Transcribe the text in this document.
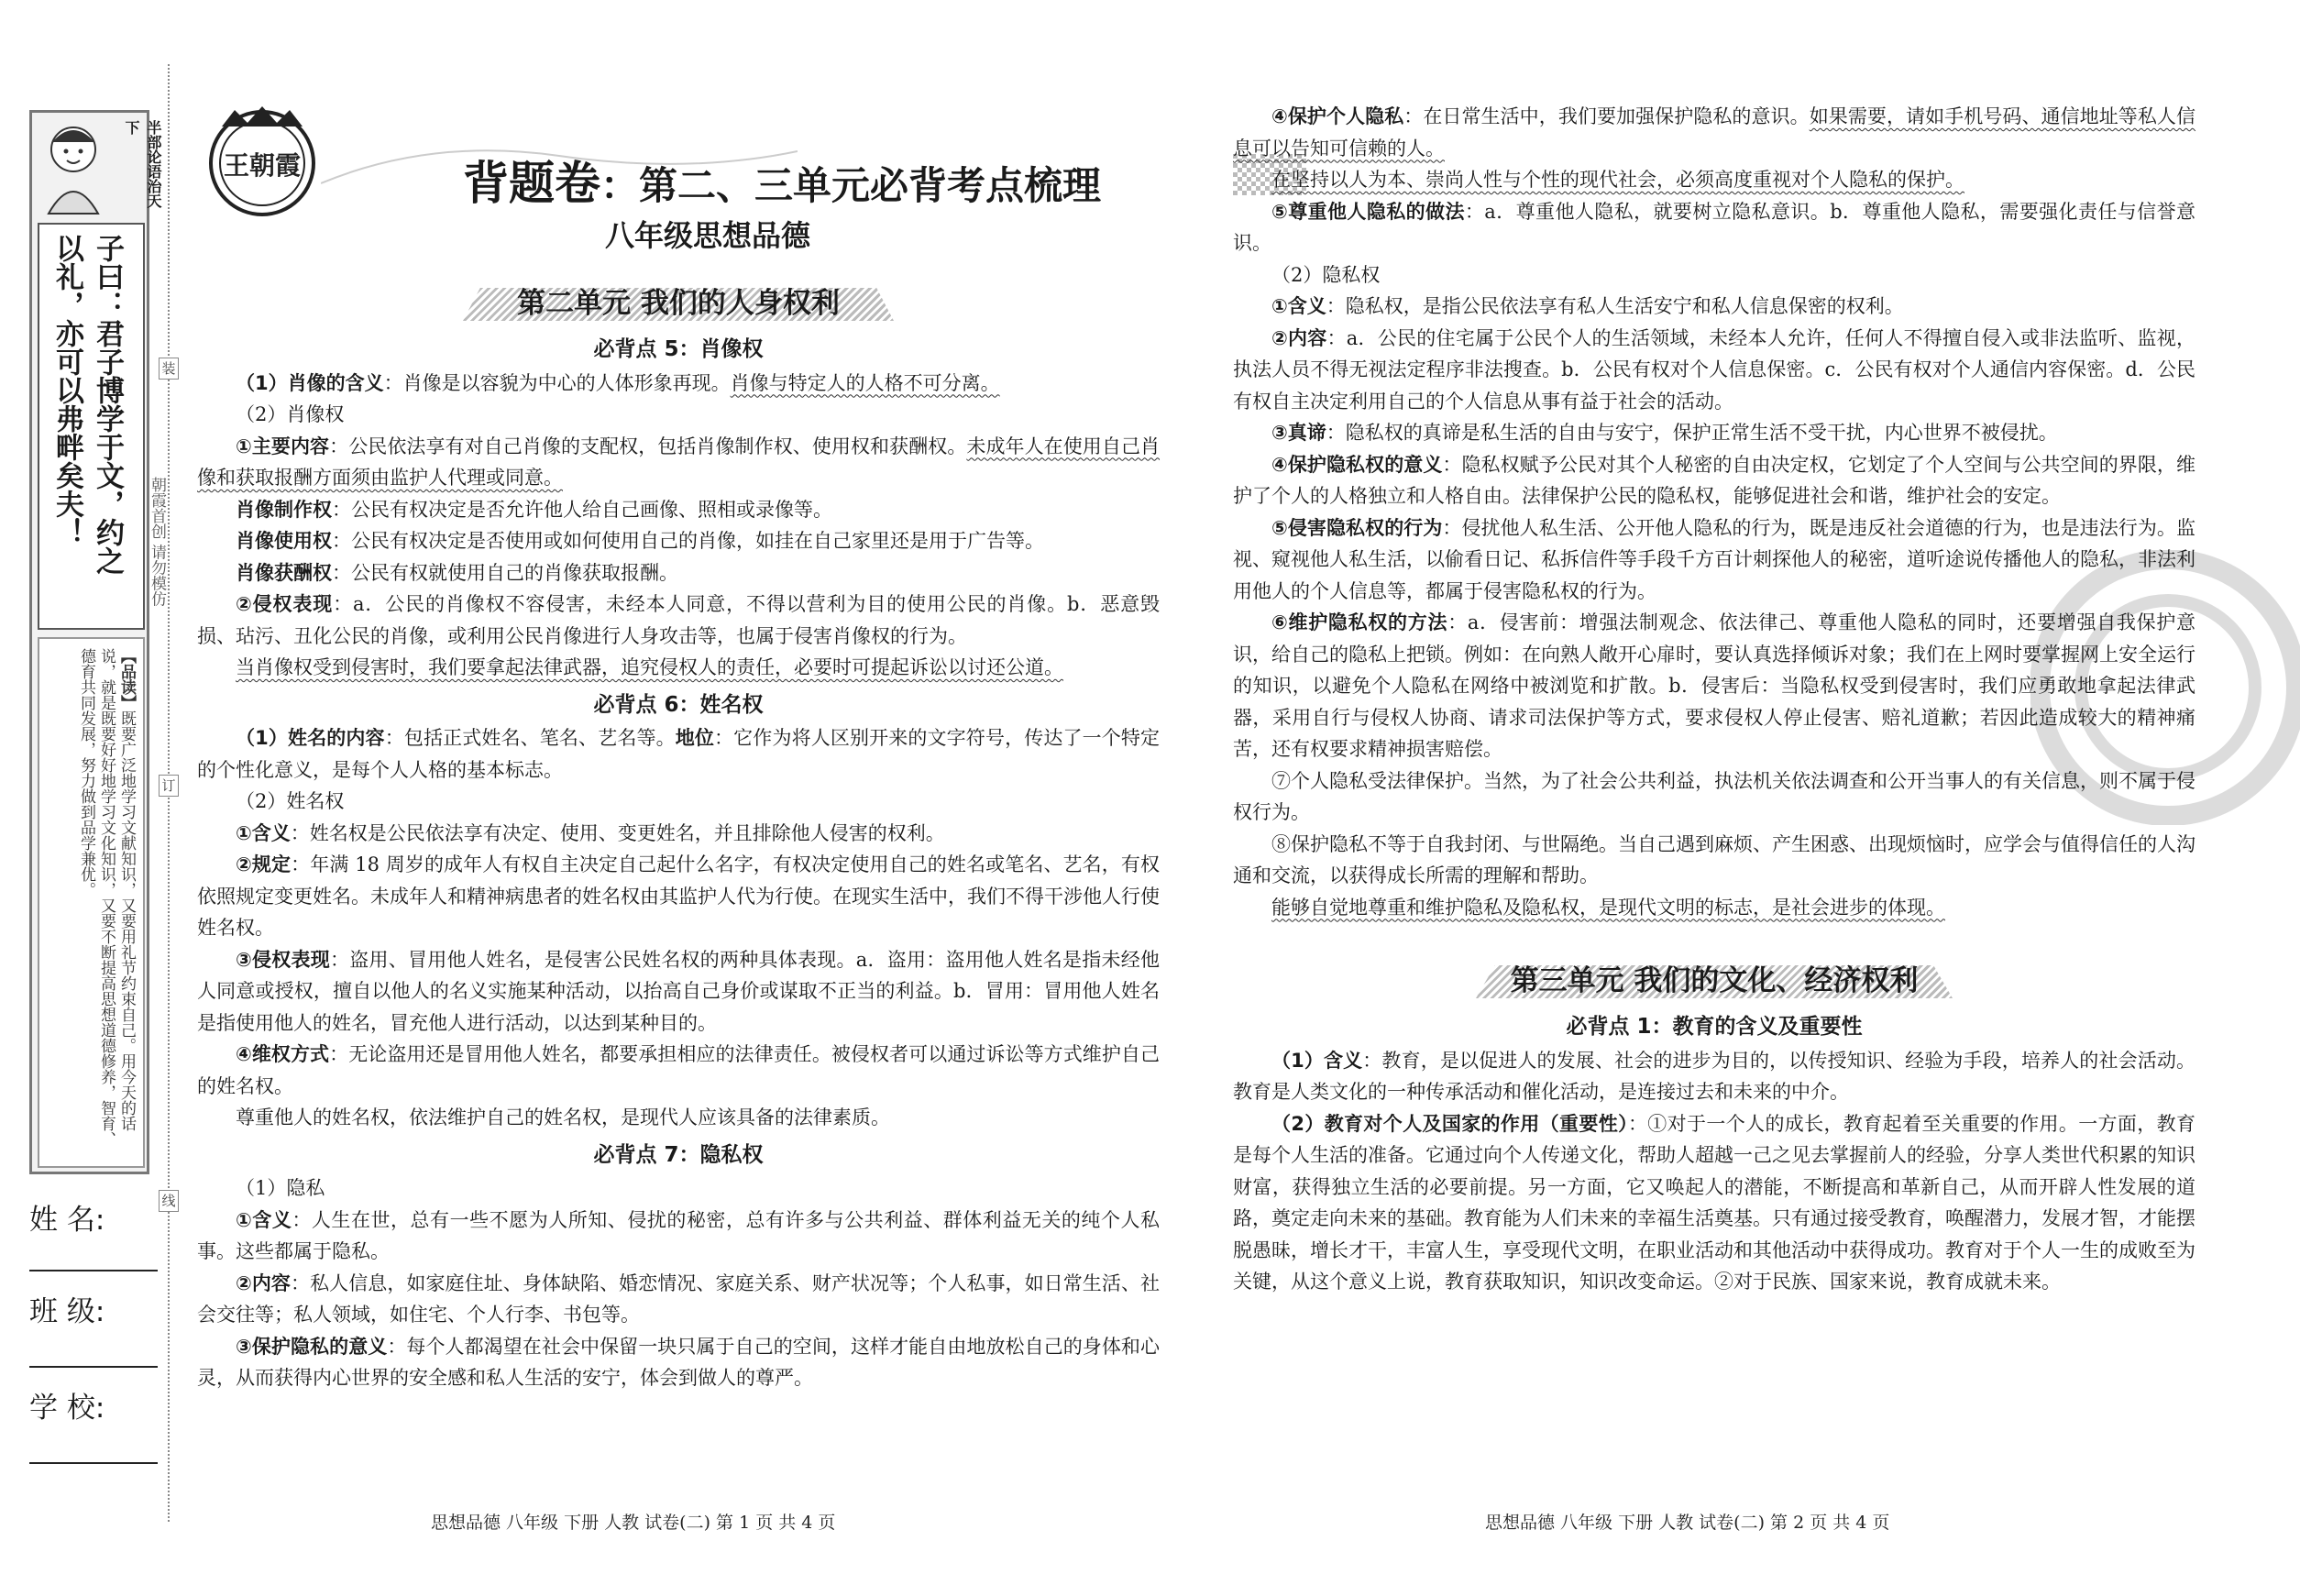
半部论语治天下
子曰：君子博学于文，约之
以礼，亦可以弗畔矣夫！
【品读】既要广泛地学习文献知识，又要用礼节约束自己。用今天的话说，就是既要好好地学习文化知识，又要不断提高思想道德修养，智育、德育共同发展，努力做到品学兼优。
姓 名:
班 级:
学 校:
装
订
线
朝霞首创 请勿模仿
王朝霞	背题卷：第二、三单元必背考点梳理
八年级思想品德
第二单元 我们的人身权利
必背点 5：肖像权

（1）肖像的含义：肖像是以容貌为中心的人体形象再现。肖像与特定人的人格不可分离。

（2）肖像权

①主要内容：公民依法享有对自己肖像的支配权，包括肖像制作权、使用权和获酬权。未成年人在使用自己肖像和获取报酬方面须由监护人代理或同意。

肖像制作权：公民有权决定是否允许他人给自己画像、照相或录像等。

肖像使用权：公民有权决定是否使用或如何使用自己的肖像，如挂在自己家里还是用于广告等。

肖像获酬权：公民有权就使用自己的肖像获取报酬。

②侵权表现：a．公民的肖像权不容侵害，未经本人同意，不得以营利为目的使用公民的肖像。b．恶意毁损、玷污、丑化公民的肖像，或利用公民肖像进行人身攻击等，也属于侵害肖像权的行为。

当肖像权受到侵害时，我们要拿起法律武器，追究侵权人的责任，必要时可提起诉讼以讨还公道。

必背点 6：姓名权

（1）姓名的内容：包括正式姓名、笔名、艺名等。地位：它作为将人区别开来的文字符号，传达了一个特定的个性化意义，是每个人人格的基本标志。

（2）姓名权

①含义：姓名权是公民依法享有决定、使用、变更姓名，并且排除他人侵害的权利。

②规定：年满 18 周岁的成年人有权自主决定自己起什么名字，有权决定使用自己的姓名或笔名、艺名，有权依照规定变更姓名。未成年人和精神病患者的姓名权由其监护人代为行使。在现实生活中，我们不得干涉他人行使姓名权。

③侵权表现：盗用、冒用他人姓名，是侵害公民姓名权的两种具体表现。a．盗用：盗用他人姓名是指未经他人同意或授权，擅自以他人的名义实施某种活动，以抬高自己身价或谋取不正当的利益。b．冒用：冒用他人姓名是指使用他人的姓名，冒充他人进行活动，以达到某种目的。

④维权方式：无论盗用还是冒用他人姓名，都要承担相应的法律责任。被侵权者可以通过诉讼等方式维护自己的姓名权。

尊重他人的姓名权，依法维护自己的姓名权，是现代人应该具备的法律素质。

必背点 7：隐私权

（1）隐私

①含义：人生在世，总有一些不愿为人所知、侵扰的秘密，总有许多与公共利益、群体利益无关的纯个人私事。这些都属于隐私。

②内容：私人信息，如家庭住址、身体缺陷、婚恋情况、家庭关系、财产状况等；个人私事，如日常生活、社会交往等；私人领域，如住宅、个人行李、书包等。

③保护隐私的意义：每个人都渴望在社会中保留一块只属于自己的空间，这样才能自由地放松自己的身体和心灵，从而获得内心世界的安全感和私人生活的安宁，体会到做人的尊严。

思想品德 八年级 下册 人教 试卷(二) 第 1 页 共 4 页

④保护个人隐私：在日常生活中，我们要加强保护隐私的意识。如果需要，请如手机号码、通信地址等私人信息可以告知可信赖的人。

在坚持以人为本、崇尚人性与个性的现代社会，必须高度重视对个人隐私的保护。

⑤尊重他人隐私的做法：a．尊重他人隐私，就要树立隐私意识。b．尊重他人隐私，需要强化责任与信誉意识。

（2）隐私权

①含义：隐私权，是指公民依法享有私人生活安宁和私人信息保密的权利。

②内容：a．公民的住宅属于公民个人的生活领域，未经本人允许，任何人不得擅自侵入或非法监听、监视，执法人员不得无视法定程序非法搜查。b．公民有权对个人信息保密。c．公民有权对个人通信内容保密。d．公民有权自主决定利用自己的个人信息从事有益于社会的活动。

③真谛：隐私权的真谛是私生活的自由与安宁，保护正常生活不受干扰，内心世界不被侵扰。

④保护隐私权的意义：隐私权赋予公民对其个人秘密的自由决定权，它划定了个人空间与公共空间的界限，维护了个人的人格独立和人格自由。法律保护公民的隐私权，能够促进社会和谐，维护社会的安定。

⑤侵害隐私权的行为：侵扰他人私生活、公开他人隐私的行为，既是违反社会道德的行为，也是违法行为。监视、窥视他人私生活，以偷看日记、私拆信件等手段千方百计刺探他人的秘密，道听途说传播他人的隐私，非法利用他人的个人信息等，都属于侵害隐私权的行为。

⑥维护隐私权的方法：a．侵害前：增强法制观念、依法律己、尊重他人隐私的同时，还要增强自我保护意识，给自己的隐私上把锁。例如：在向熟人敞开心扉时，要认真选择倾诉对象；我们在上网时要掌握网上安全运行的知识，以避免个人隐私在网络中被浏览和扩散。b．侵害后：当隐私权受到侵害时，我们应勇敢地拿起法律武器，采用自行与侵权人协商、请求司法保护等方式，要求侵权人停止侵害、赔礼道歉；若因此造成较大的精神痛苦，还有权要求精神损害赔偿。

⑦个人隐私受法律保护。当然，为了社会公共利益，执法机关依法调查和公开当事人的有关信息，则不属于侵权行为。

⑧保护隐私不等于自我封闭、与世隔绝。当自己遇到麻烦、产生困惑、出现烦恼时，应学会与值得信任的人沟通和交流，以获得成长所需的理解和帮助。

能够自觉地尊重和维护隐私及隐私权，是现代文明的标志，是社会进步的体现。

第三单元 我们的文化、经济权利
必背点 1：教育的含义及重要性

（1）含义：教育，是以促进人的发展、社会的进步为目的，以传授知识、经验为手段，培养人的社会活动。教育是人类文化的一种传承活动和催化活动，是连接过去和未来的中介。

（2）教育对个人及国家的作用（重要性）：①对于一个人的成长，教育起着至关重要的作用。一方面，教育是每个人生活的准备。它通过向个人传递文化，帮助人超越一己之见去掌握前人的经验，分享人类世代积累的知识财富，获得独立生活的必要前提。另一方面，它又唤起人的潜能，不断提高和革新自己，从而开辟人性发展的道路，奠定走向未来的基础。教育能为人们未来的幸福生活奠基。只有通过接受教育，唤醒潜力，发展才智，才能摆脱愚昧，增长才干，丰富人生，享受现代文明，在职业活动和其他活动中获得成功。教育对于个人一生的成败至为关键，从这个意义上说，教育获取知识，知识改变命运。②对于民族、国家来说，教育成就未来。

思想品德 八年级 下册 人教 试卷(二) 第 2 页 共 4 页
